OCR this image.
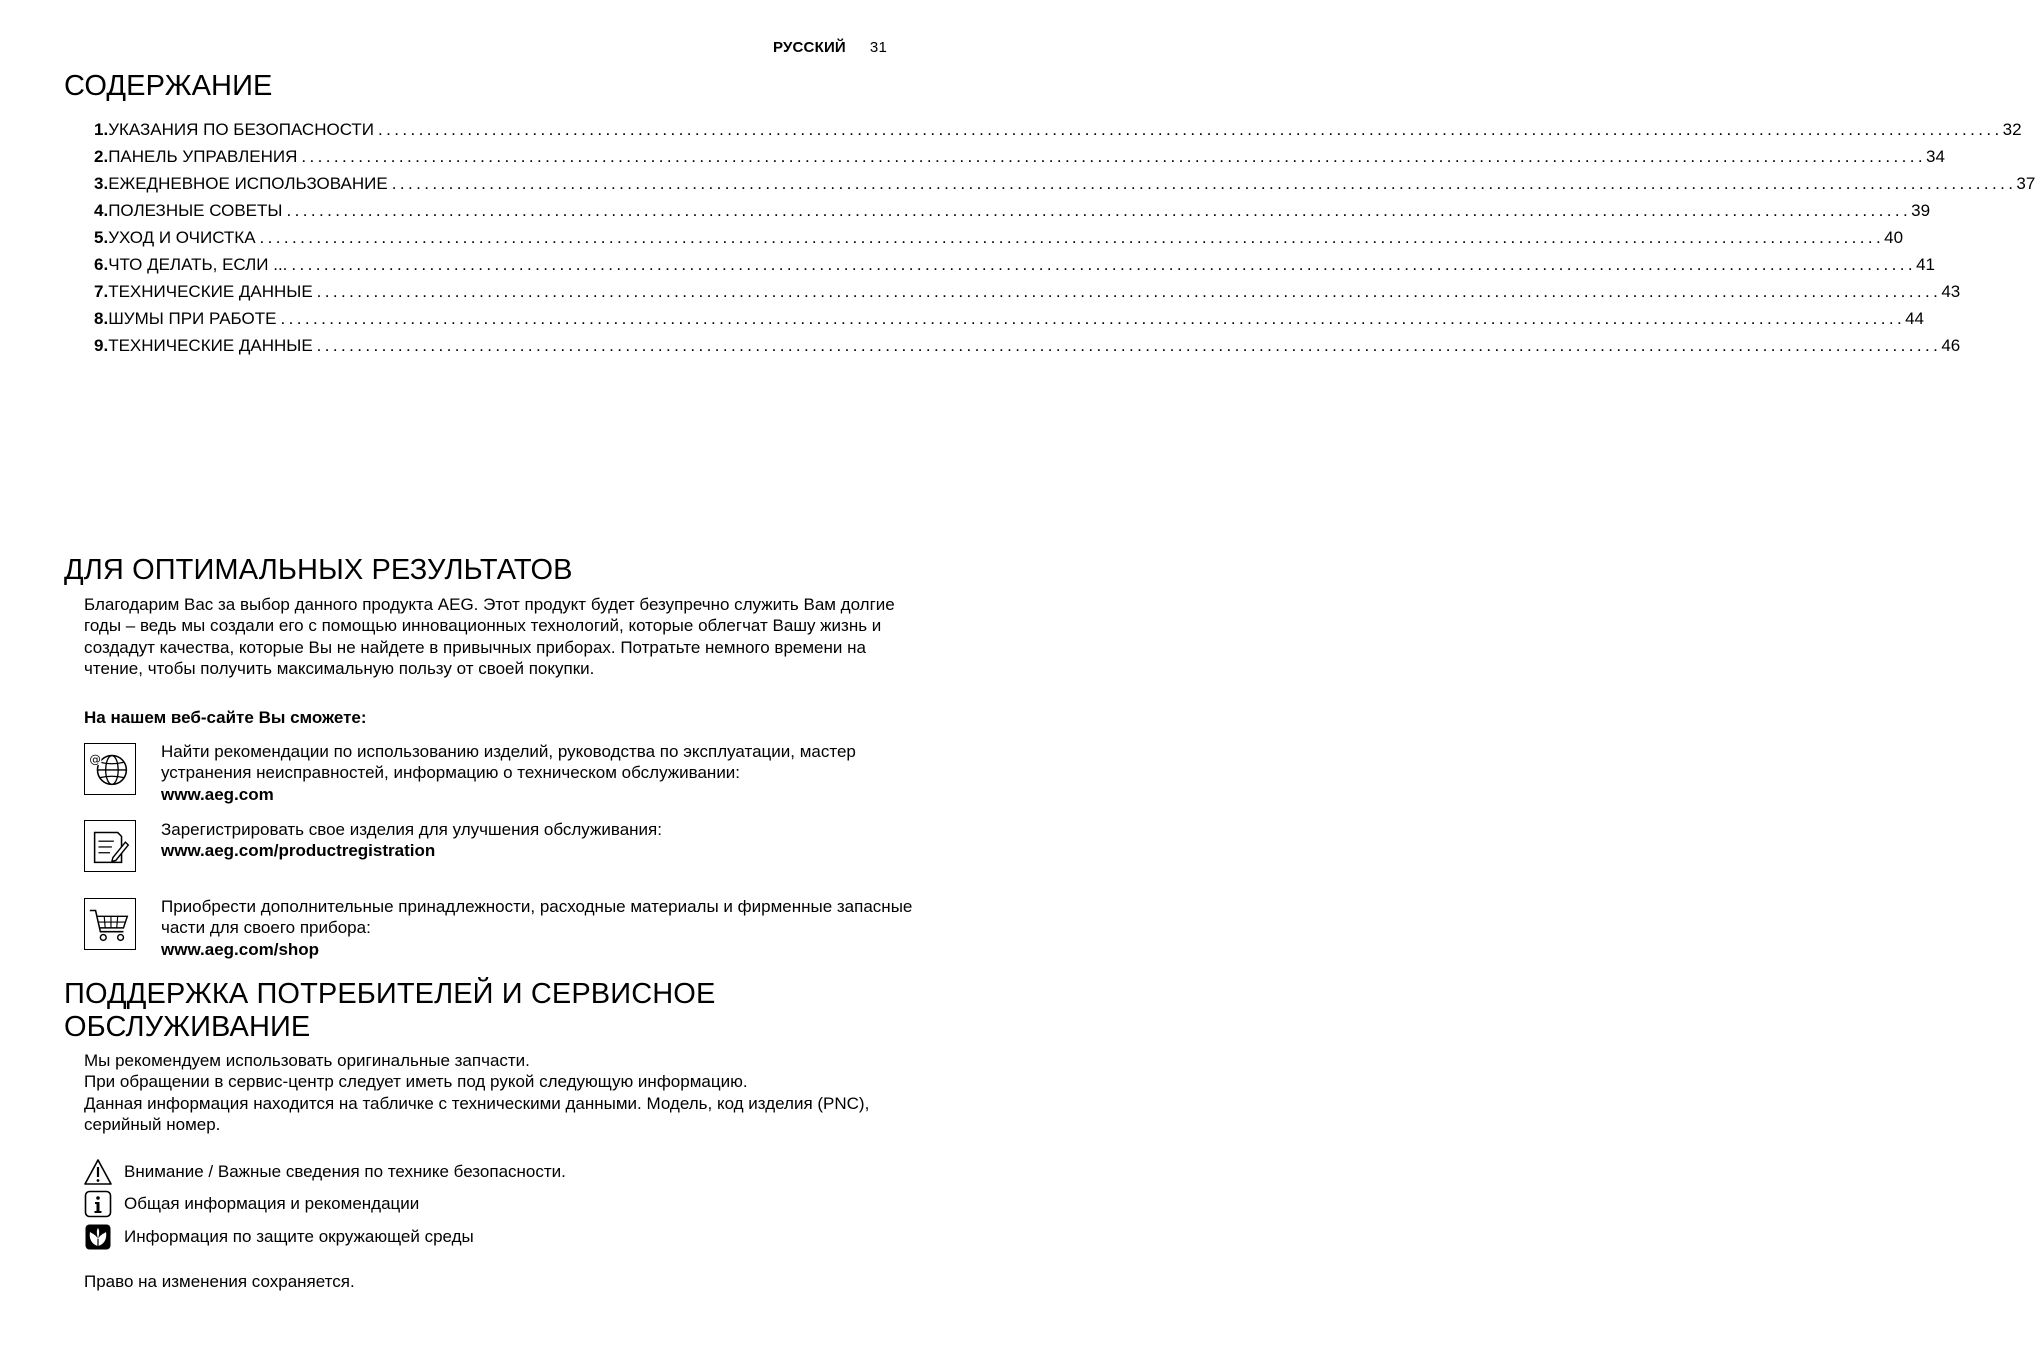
РУССКИЙ 31
СОДЕРЖАНИЕ
1. УКАЗАНИЯ ПО БЕЗОПАСНОСТИ ........................................................................................................................................................................................................ 32
2. ПАНЕЛЬ УПРАВЛЕНИЯ ........................................................................................................................................................................................................ 34
3. ЕЖЕДНЕВНОЕ ИСПОЛЬЗОВАНИЕ ........................................................................................................................................................................................................ 37
4. ПОЛЕЗНЫЕ СОВЕТЫ ........................................................................................................................................................................................................ 39
5. УХОД И ОЧИСТКА ........................................................................................................................................................................................................ 40
6. ЧТО ДЕЛАТЬ, ЕСЛИ ... ........................................................................................................................................................................................................ 41
7. ТЕХНИЧЕСКИЕ ДАННЫЕ ........................................................................................................................................................................................................ 43
8. ШУМЫ ПРИ РАБОТЕ ........................................................................................................................................................................................................ 44
9. ТЕХНИЧЕСКИЕ ДАННЫЕ ........................................................................................................................................................................................................ 46
ДЛЯ ОПТИМАЛЬНЫХ РЕЗУЛЬТАТОВ

Благодарим Вас за выбор данного продукта AEG. Этот продукт будет безупречно служить Вам долгие годы – ведь мы создали его с помощью инновационных технологий, которые облегчат Вашу жизнь и создадут качества, которые Вы не найдете в привычных приборах. Потратьте немного времени на чтение, чтобы получить максимальную пользу от своей покупки.

На нашем веб-сайте Вы сможете:

@	Найти рекомендации по использованию изделий, руководства по эксплуатации, мастер устранения неисправностей, информацию о техническом обслуживании:
www.aeg.com
Зарегистрировать свое изделия для улучшения обслуживания:
www.aeg.com/productregistration
Приобрести дополнительные принадлежности, расходные материалы и фирменные запасные части для своего прибора:
www.aeg.com/shop
ПОДДЕРЖКА ПОТРЕБИТЕЛЕЙ И СЕРВИСНОЕ
ОБСЛУЖИВАНИЕ
Мы рекомендуем использовать оригинальные запчасти.
При обращении в сервис-центр следует иметь под рукой следующую информацию.
Данная информация находится на табличке с техническими данными. Модель, код изделия (PNC), серийный номер.
Внимание / Важные сведения по технике безопасности.
Общая информация и рекомендации
Информация по защите окружающей среды

Право на изменения сохраняется.
